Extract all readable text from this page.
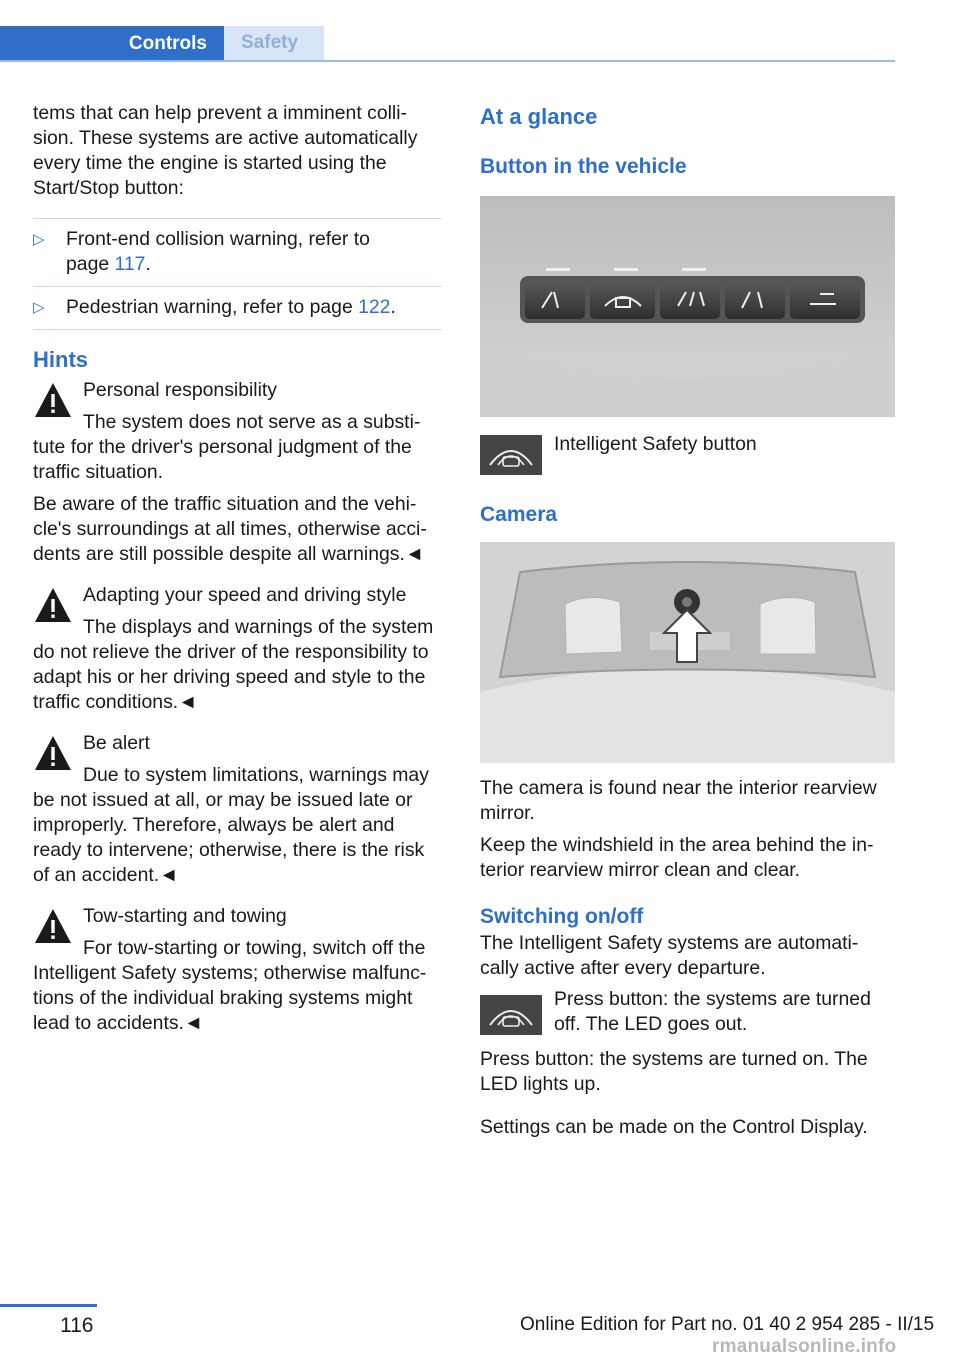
Controls	Safety

tems that can help prevent a imminent colli-

sion. These systems are active automatically

every time the engine is started using the

Start/Stop button:

▷ Front-end collision warning, refer to
page 117.
▷ Pedestrian warning, refer to page 122.
Hints
Personal responsibility
The system does not serve as a substi-

tute for the driver's personal judgment of the

traffic situation.

Be aware of the traffic situation and the vehi-

cle's surroundings at all times, otherwise acci-

dents are still possible despite all warnings.◄

Adapting your speed and driving style
The displays and warnings of the system

do not relieve the driver of the responsibility to

adapt his or her driving speed and style to the

traffic conditions.◄

Be alert
Due to system limitations, warnings may

be not issued at all, or may be issued late or

improperly. Therefore, always be alert and

ready to intervene; otherwise, there is the risk

of an accident.◄

Tow-starting and towing
For tow-starting or towing, switch off the

Intelligent Safety systems; otherwise malfunc-

tions of the individual braking systems might

lead to accidents.◄

At a glance
Button in the vehicle
Intelligent Safety button
Camera

The camera is found near the interior rearview

mirror.

Keep the windshield in the area behind the in-

terior rearview mirror clean and clear.

Switching on/off

The Intelligent Safety systems are automati-

cally active after every departure.

Press button: the systems are turned

off. The LED goes out.

Press button: the systems are turned on. The

LED lights up.

Settings can be made on the Control Display.

116	Online Edition for Part no. 01 40 2 954 285 - II/15
rmanualsonline.info
